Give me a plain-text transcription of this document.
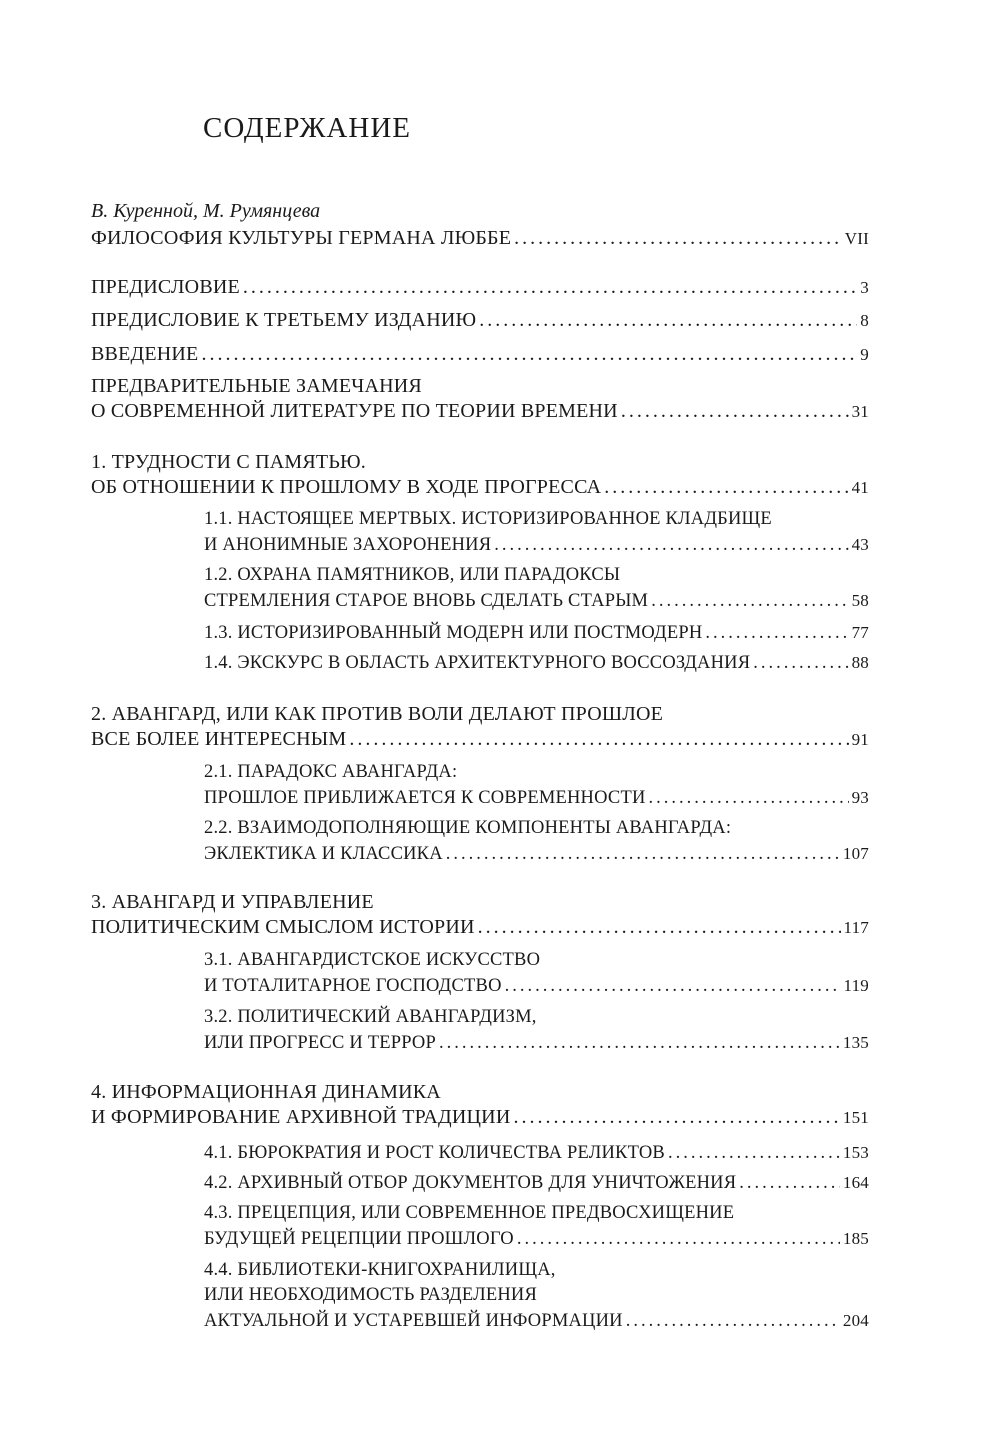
СОДЕРЖАНИЕ
В. Куренной, М. Румянцева
ФИЛОСОФИЯ КУЛЬТУРЫ ГЕРМАНА ЛЮББЕ .....	VII
ПРЕДИСЛОВИЕ .....	3
ПРЕДИСЛОВИЕ К ТРЕТЬЕМУ ИЗДАНИЮ .....	8
ВВЕДЕНИЕ .....	9
ПРЕДВАРИТЕЛЬНЫЕ ЗАМЕЧАНИЯ
О СОВРЕМЕННОЙ ЛИТЕРАТУРЕ ПО ТЕОРИИ ВРЕМЕНИ .....	31
1. ТРУДНОСТИ С ПАМЯТЬЮ.
ОБ ОТНОШЕНИИ К ПРОШЛОМУ В ХОДЕ ПРОГРЕССА .....	41
1.1. НАСТОЯЩЕЕ МЕРТВЫХ. ИСТОРИЗИРОВАННОЕ КЛАДБИЩЕ
И АНОНИМНЫЕ ЗАХОРОНЕНИЯ .....	43
1.2. ОХРАНА ПАМЯТНИКОВ, ИЛИ ПАРАДОКСЫ
СТРЕМЛЕНИЯ СТАРОЕ ВНОВЬ СДЕЛАТЬ СТАРЫМ .....	58
1.3. ИСТОРИЗИРОВАННЫЙ МОДЕРН ИЛИ ПОСТМОДЕРН .....	77
1.4. ЭКСКУРС В ОБЛАСТЬ АРХИТЕКТУРНОГО ВОССОЗДАНИЯ .....	88
2. АВАНГАРД, ИЛИ КАК ПРОТИВ ВОЛИ ДЕЛАЮТ ПРОШЛОЕ
ВСЕ БОЛЕЕ ИНТЕРЕСНЫМ .....	91
2.1. ПАРАДОКС АВАНГАРДА:
ПРОШЛОЕ ПРИБЛИЖАЕТСЯ К СОВРЕМЕННОСТИ .....	93
2.2. ВЗАИМОДОПОЛНЯЮЩИЕ КОМПОНЕНТЫ АВАНГАРДА:
ЭКЛЕКТИКА И КЛАССИКА .....	107
3. АВАНГАРД И УПРАВЛЕНИЕ
ПОЛИТИЧЕСКИМ СМЫСЛОМ ИСТОРИИ .....	117
3.1. АВАНГАРДИСТСКОЕ ИСКУССТВО
И ТОТАЛИТАРНОЕ ГОСПОДСТВО .....	119
3.2. ПОЛИТИЧЕСКИЙ АВАНГАРДИЗМ,
ИЛИ ПРОГРЕСС И ТЕРРОР .....	135
4. ИНФОРМАЦИОННАЯ ДИНАМИКА
И ФОРМИРОВАНИЕ АРХИВНОЙ ТРАДИЦИИ .....	151
4.1. БЮРОКРАТИЯ И РОСТ КОЛИЧЕСТВА РЕЛИКТОВ .....	153
4.2. АРХИВНЫЙ ОТБОР ДОКУМЕНТОВ ДЛЯ УНИЧТОЖЕНИЯ .....	164
4.3. ПРЕЦЕПЦИЯ, ИЛИ СОВРЕМЕННОЕ ПРЕДВОСХИЩЕНИЕ
БУДУЩЕЙ РЕЦЕПЦИИ ПРОШЛОГО .....	185
4.4. БИБЛИОТЕКИ-КНИГОХРАНИЛИЩА,
ИЛИ НЕОБХОДИМОСТЬ РАЗДЕЛЕНИЯ
АКТУАЛЬНОЙ И УСТАРЕВШЕЙ ИНФОРМАЦИИ .....	204
